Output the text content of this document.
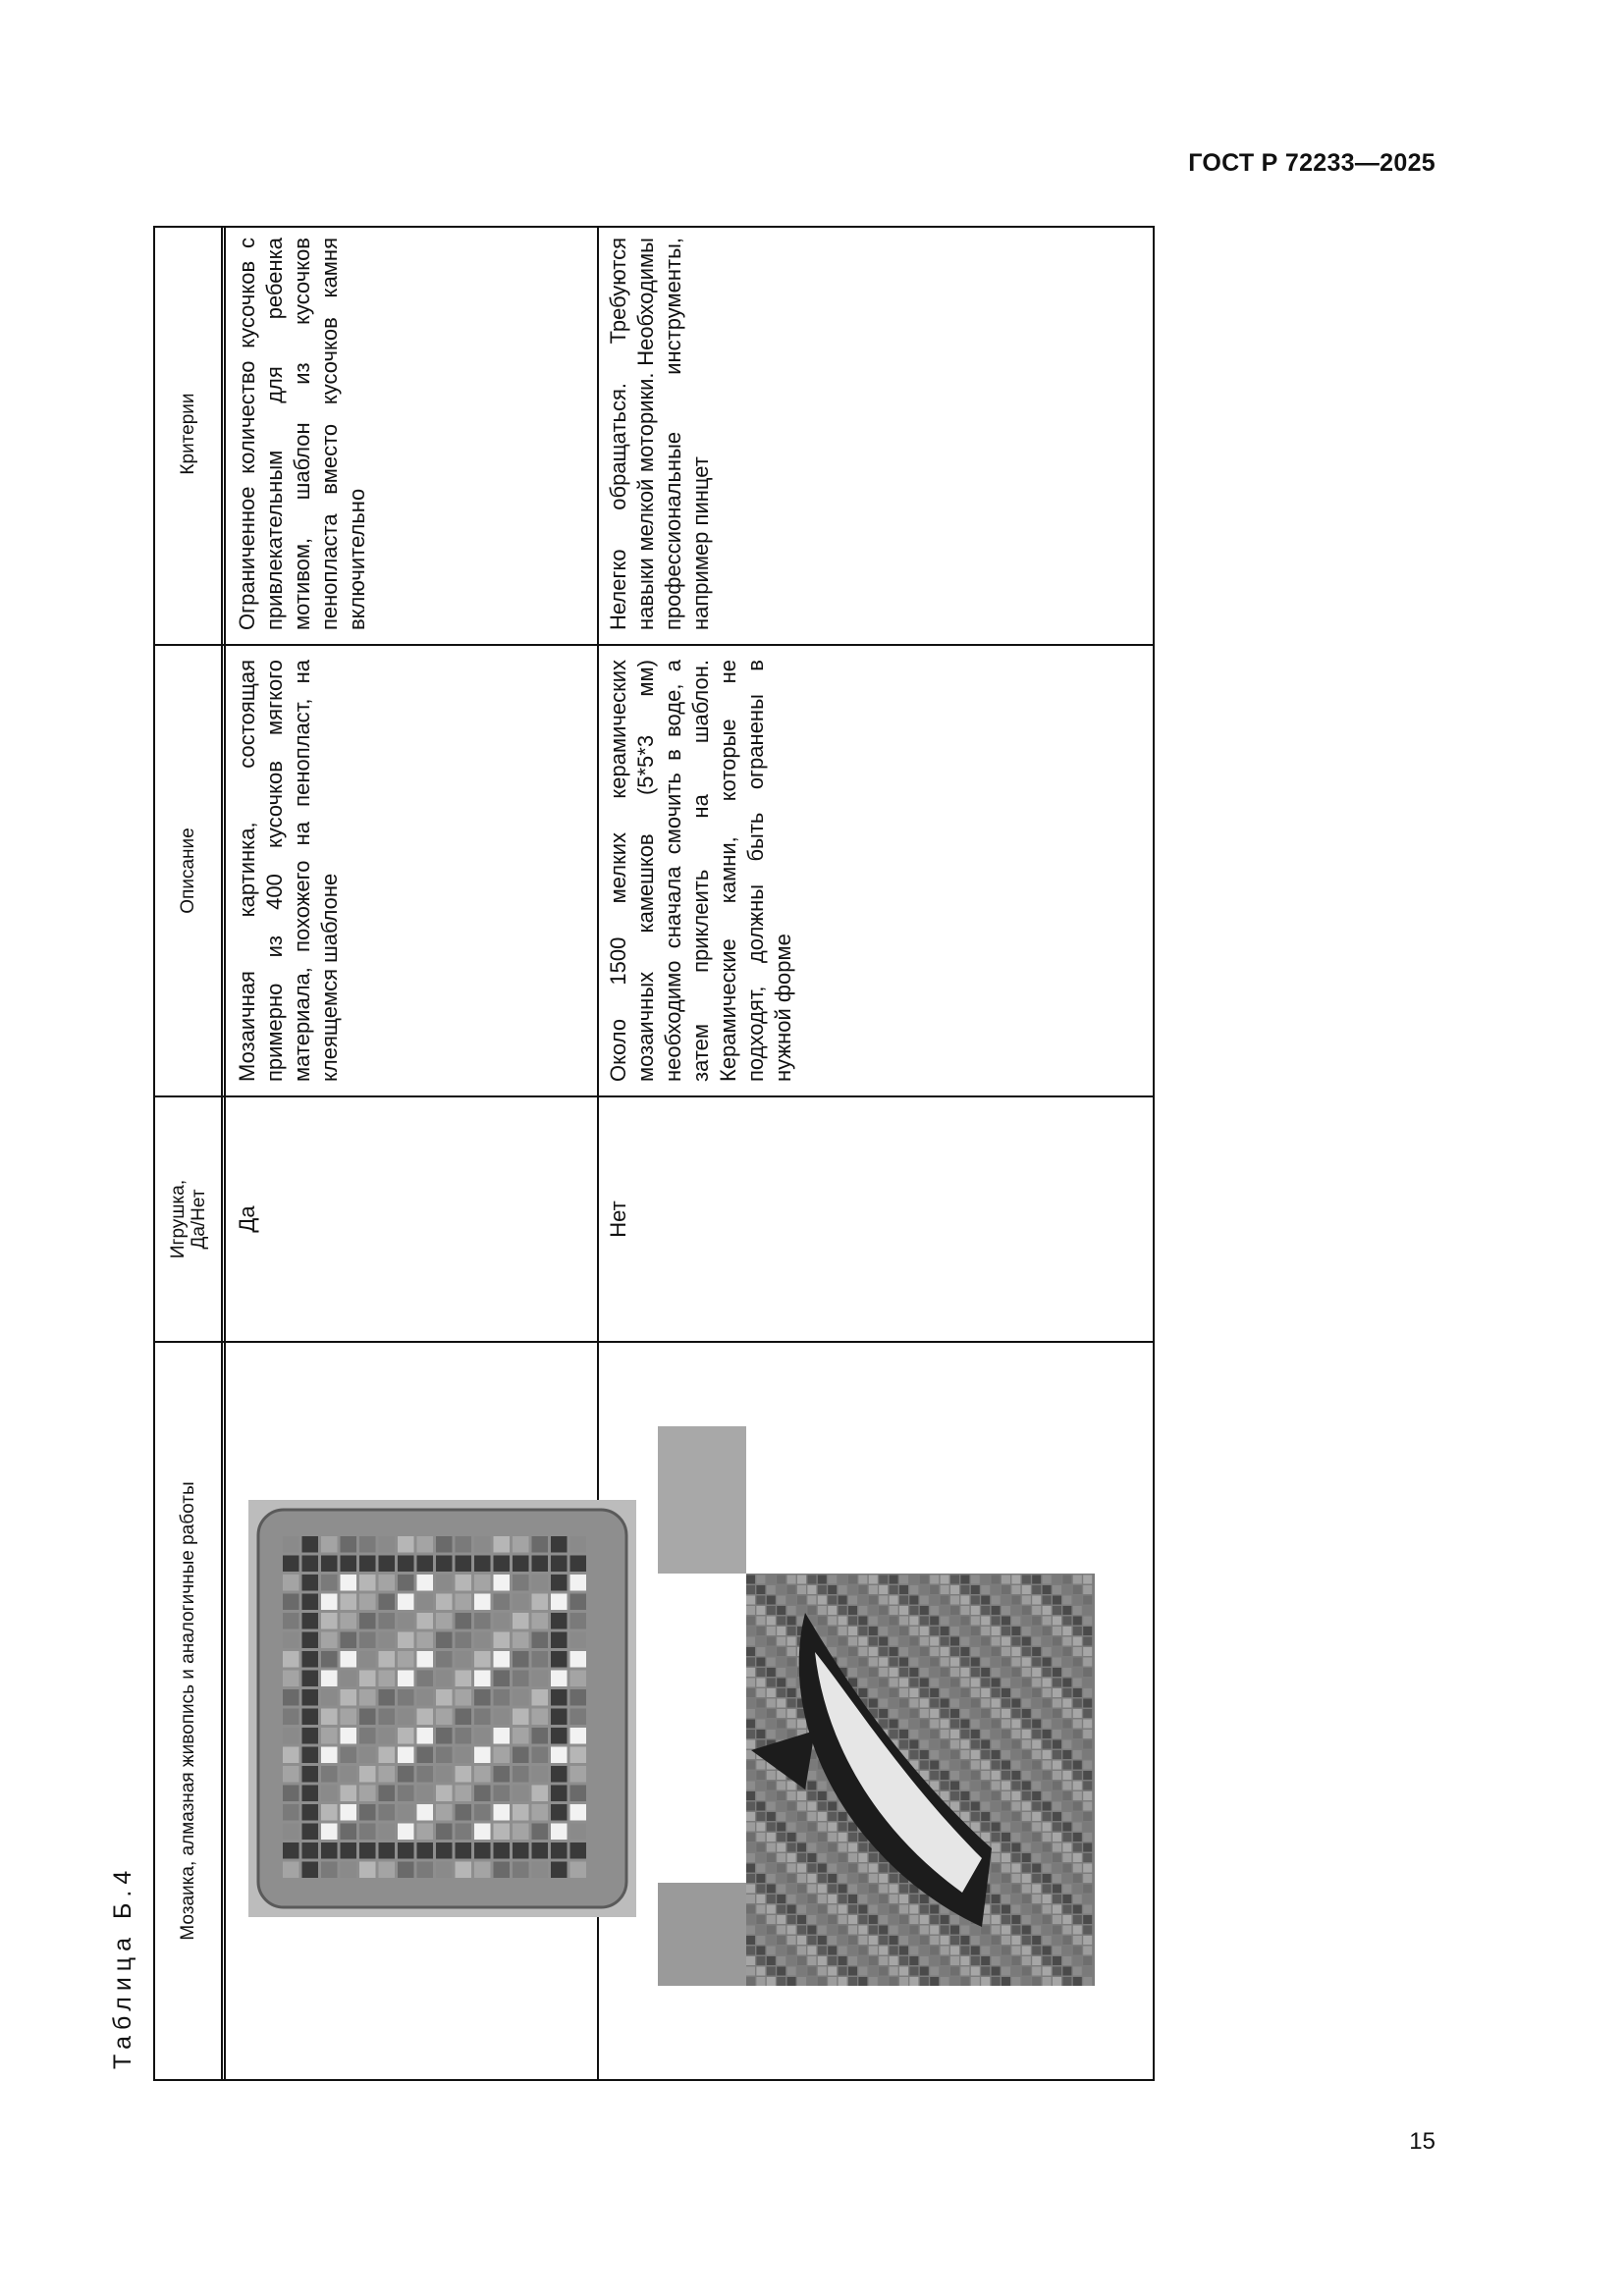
ГОСТ Р 72233—2025
Таблица Б.4
Мозаика, алмазная живопись и аналогичные работы
Игрушка, Да/Нет
Описание
Критерии
Да
Мозаичная картинка, состоящая примерно из 400 кусочков мягкого материала, похожего на пеноплаcт, на клеящемся шаблоне
Ограниченное количество кусочков с привлекательным для ребенка мотивом, шаблон из кусочков пенопласта вместо кусочков камня включительно
Нет
Около 1500 мелких керамических мозаичных камешков (5*5*3 мм) необходимо сначала смочить в воде, а затем приклеить на шаблон. Керамические камни, которые не подходят, должны быть огранены в нужной форме
Нелегко обращаться. Требуются навыки мелкой моторики. Необходимы профессиональные инструменты, например пинцет
15
